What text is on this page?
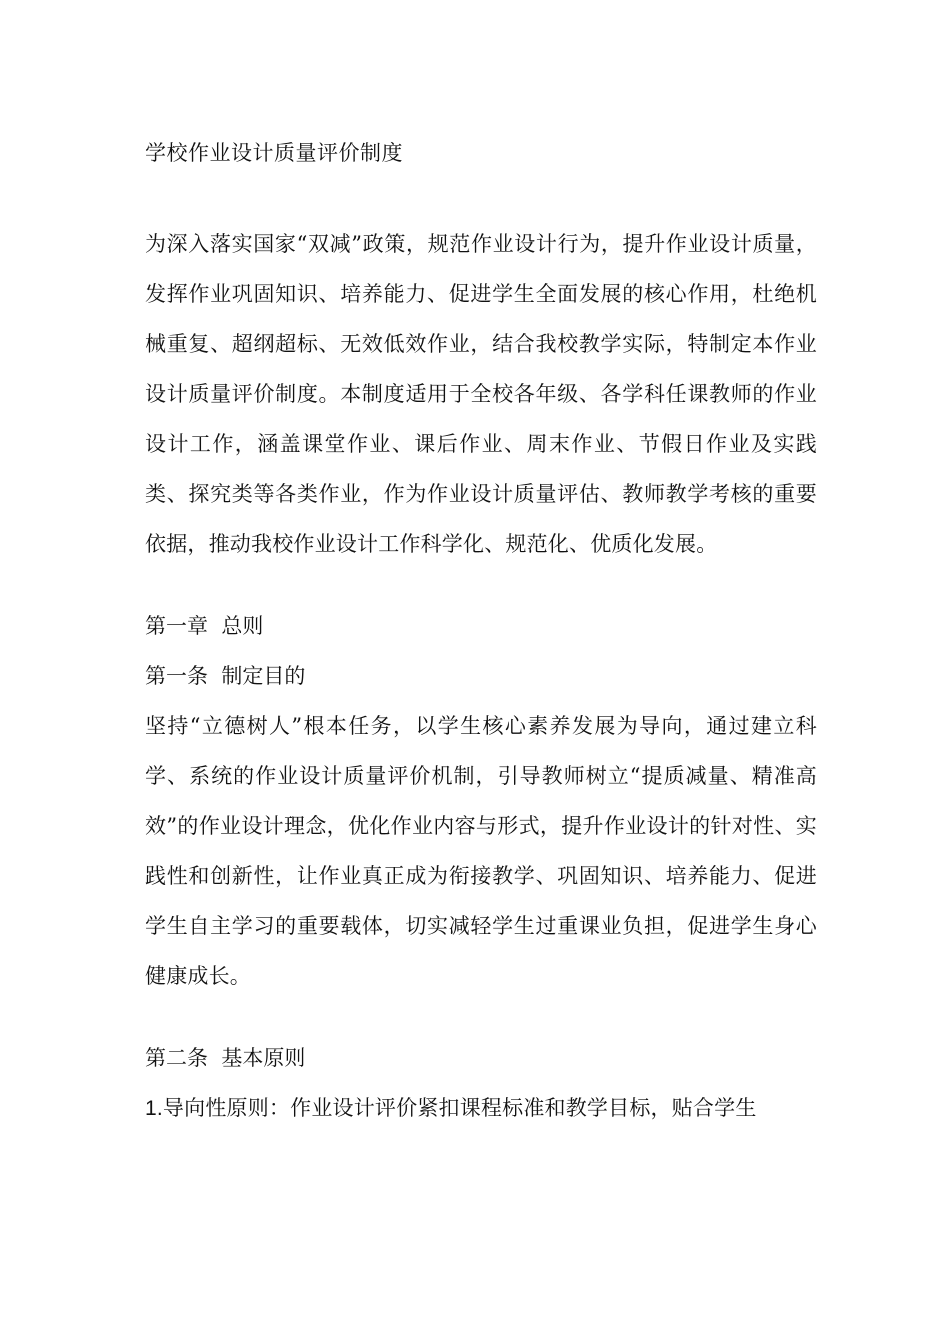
学校作业设计质量评价制度

为深入落实国家“双减”政策，规范作业设计行为，提升作业设计质量，发挥作业巩固知识、培养能力、促进学生全面发展的核心作用，杜绝机械重复、超纲超标、无效低效作业，结合我校教学实际，特制定本作业设计质量评价制度。本制度适用于全校各年级、各学科任课教师的作业设计工作，涵盖课堂作业、课后作业、周末作业、节假日作业及实践类、探究类等各类作业，作为作业设计质量评估、教师教学考核的重要依据，推动我校作业设计工作科学化、规范化、优质化发展。

第一章  总则
第一条  制定目的

坚持“立德树人”根本任务，以学生核心素养发展为导向，通过建立科学、系统的作业设计质量评价机制，引导教师树立“提质减量、精准高效”的作业设计理念，优化作业内容与形式，提升作业设计的针对性、实践性和创新性，让作业真正成为衔接教学、巩固知识、培养能力、促进学生自主学习的重要载体，切实减轻学生过重课业负担，促进学生身心健康成长。

第二条  基本原则

1.导向性原则：作业设计评价紧扣课程标准和教学目标，贴合学生
